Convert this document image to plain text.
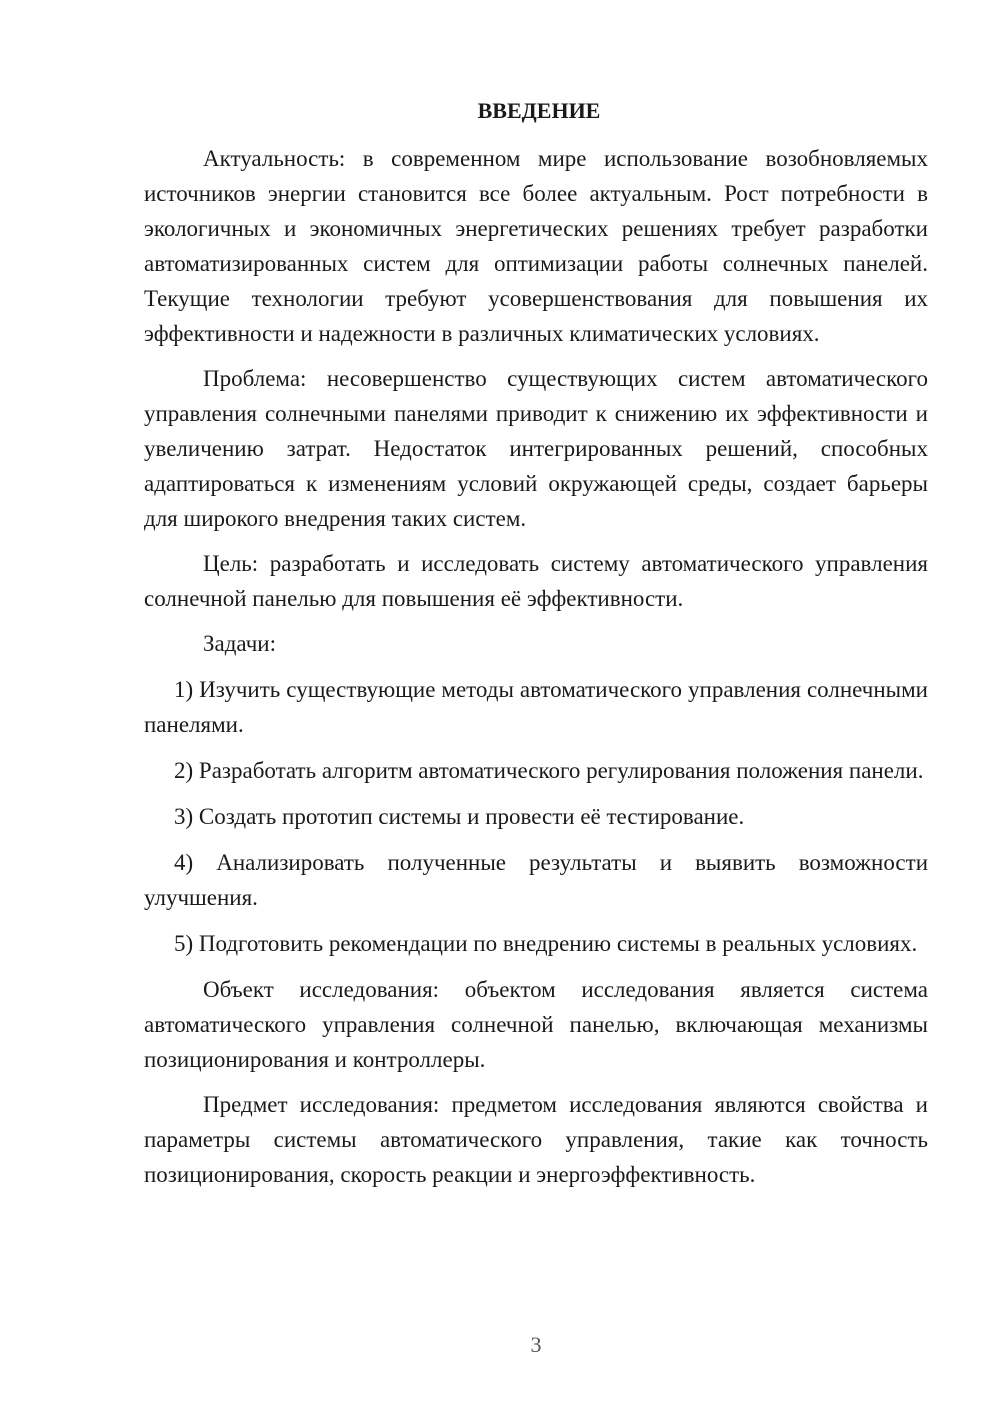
ВВЕДЕНИЕ

Актуальность: в современном мире использование возобновляемых источников энергии становится все более актуальным. Рост потребности в экологичных и экономичных энергетических решениях требует разработки автоматизированных систем для оптимизации работы солнечных панелей. Текущие технологии требуют усовершенствования для повышения их эффективности и надежности в различных климатических условиях.

Проблема: несовершенство существующих систем автоматического управления солнечными панелями приводит к снижению их эффективности и увеличению затрат. Недостаток интегрированных решений, способных адаптироваться к изменениям условий окружающей среды, создает барьеры для широкого внедрения таких систем.

Цель: разработать и исследовать систему автоматического управления солнечной панелью для повышения её эффективности.

Задачи:

1) Изучить существующие методы автоматического управления солнечными панелями.

2) Разработать алгоритм автоматического регулирования положения панели.

3) Создать прототип системы и провести её тестирование.

4) Анализировать полученные результаты и выявить возможности улучшения.

5) Подготовить рекомендации по внедрению системы в реальных условиях.

Объект исследования: объектом исследования является система автоматического управления солнечной панелью, включающая механизмы позиционирования и контроллеры.

Предмет исследования: предметом исследования являются свойства и параметры системы автоматического управления, такие как точность позиционирования, скорость реакции и энергоэффективность.

3
